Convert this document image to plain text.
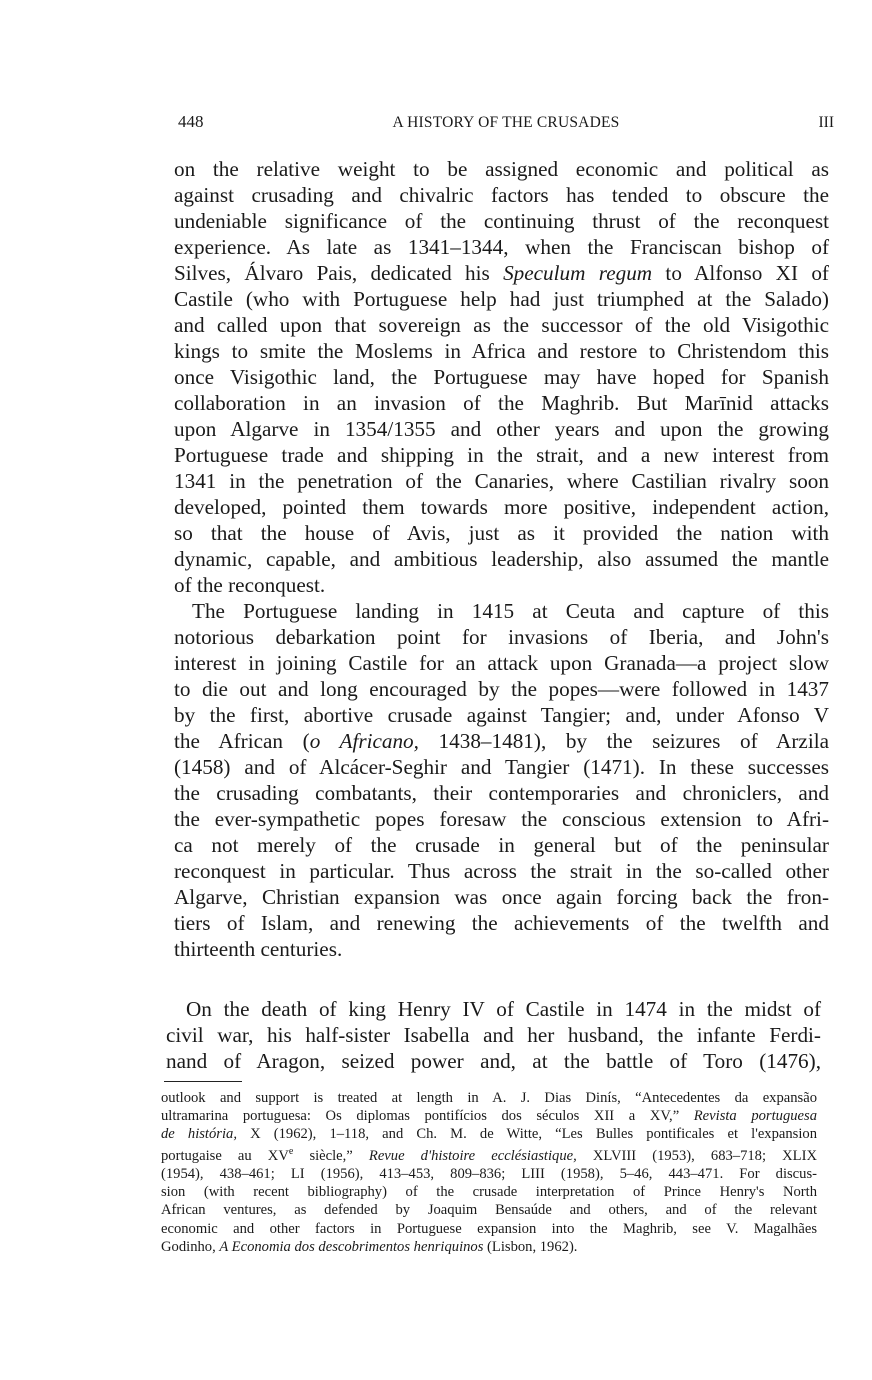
448	A HISTORY OF THE CRUSADES	III

on the relative weight to be assigned economic and political as
against crusading and chivalric factors has tended to obscure the
undeniable significance of the continuing thrust of the reconquest
experience. As late as 1341–1344, when the Franciscan bishop of
Silves, Álvaro Pais, dedicated his Speculum regum to Alfonso XI of
Castile (who with Portuguese help had just triumphed at the Salado)
and called upon that sovereign as the successor of the old Visigothic
kings to smite the Moslems in Africa and restore to Christendom this
once Visigothic land, the Portuguese may have hoped for Spanish
collaboration in an invasion of the Maghrib. But Marīnid attacks
upon Algarve in 1354/1355 and other years and upon the growing
Portuguese trade and shipping in the strait, and a new interest from
1341 in the penetration of the Canaries, where Castilian rivalry soon
developed, pointed them towards more positive, independent action,
so that the house of Avis, just as it provided the nation with
dynamic, capable, and ambitious leadership, also assumed the mantle
of the reconquest.

The Portuguese landing in 1415 at Ceuta and capture of this
notorious debarkation point for invasions of Iberia, and John's
interest in joining Castile for an attack upon Granada—a project slow
to die out and long encouraged by the popes—were followed in 1437
by the first, abortive crusade against Tangier; and, under Afonso V
the African (o Africano, 1438–1481), by the seizures of Arzila
(1458) and of Alcácer-Seghir and Tangier (1471). In these successes
the crusading combatants, their contemporaries and chroniclers, and
the ever-sympathetic popes foresaw the conscious extension to Afri-
ca not merely of the crusade in general but of the peninsular
reconquest in particular. Thus across the strait in the so-called other
Algarve, Christian expansion was once again forcing back the fron-
tiers of Islam, and renewing the achievements of the twelfth and
thirteenth centuries.

On the death of king Henry IV of Castile in 1474 in the midst of
civil war, his half-sister Isabella and her husband, the infante Ferdi-
nand of Aragon, seized power and, at the battle of Toro (1476),
outlook and support is treated at length in A. J. Dias Dinís, “Antecedentes da expansão
ultramarina portuguesa: Os diplomas pontifícios dos séculos XII a XV,” Revista portuguesa
de história, X (1962), 1–118, and Ch. M. de Witte, “Les Bulles pontificales et l'expansion
portugaise au XVe siècle,” Revue d'histoire ecclésiastique, XLVIII (1953), 683–718; XLIX
(1954), 438–461; LI (1956), 413–453, 809–836; LIII (1958), 5–46, 443–471. For discus-
sion (with recent bibliography) of the crusade interpretation of Prince Henry's North
African ventures, as defended by Joaquim Bensaúde and others, and of the relevant
economic and other factors in Portuguese expansion into the Maghrib, see V. Magalhães
Godinho, A Economia dos descobrimentos henriquinos (Lisbon, 1962).
